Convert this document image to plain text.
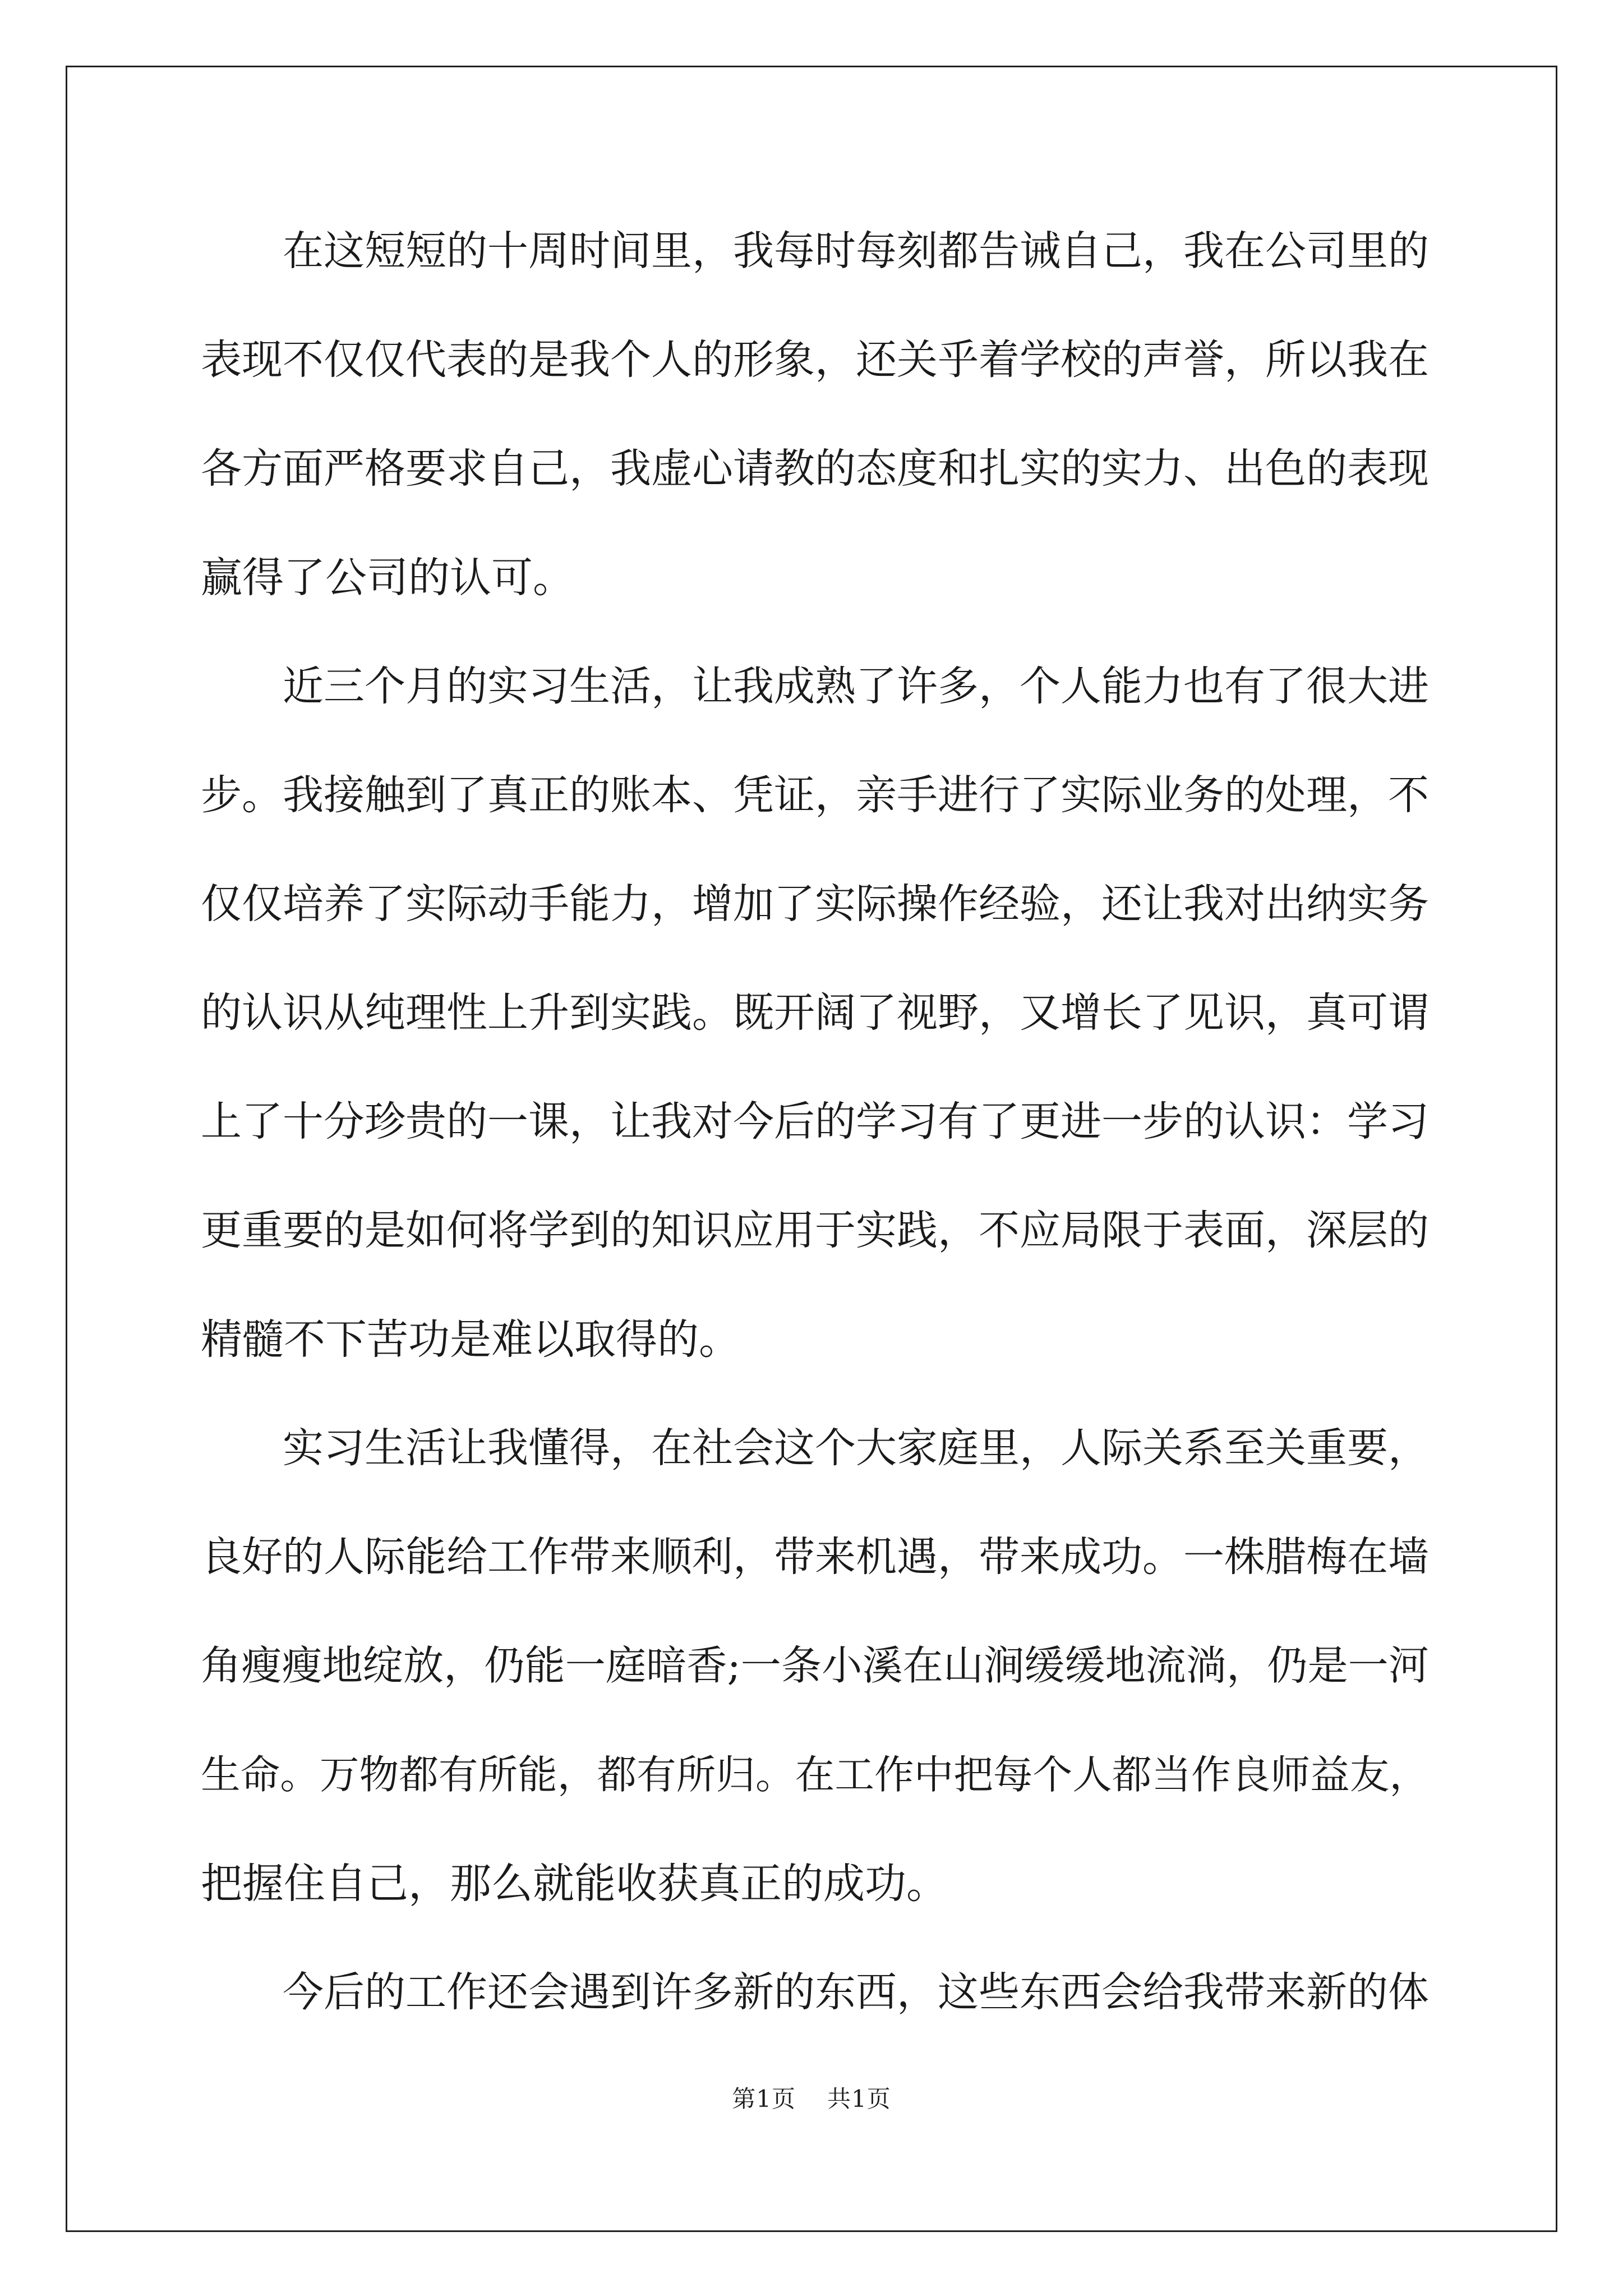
　　在这短短的十周时间里，我每时每刻都告诫自己，我在公司里的
表现不仅仅代表的是我个人的形象，还关乎着学校的声誉，所以我在
各方面严格要求自己，我虚心请教的态度和扎实的实力、出色的表现
赢得了公司的认可。
　　近三个月的实习生活，让我成熟了许多，个人能力也有了很大进
步。我接触到了真正的账本、凭证，亲手进行了实际业务的处理，不
仅仅培养了实际动手能力，增加了实际操作经验，还让我对出纳实务
的认识从纯理性上升到实践。既开阔了视野，又增长了见识，真可谓
上了十分珍贵的一课，让我对今后的学习有了更进一步的认识：学习
更重要的是如何将学到的知识应用于实践，不应局限于表面，深层的
精髓不下苦功是难以取得的。
　　实习生活让我懂得，在社会这个大家庭里，人际关系至关重要，
良好的人际能给工作带来顺利，带来机遇，带来成功。一株腊梅在墙
角瘦瘦地绽放，仍能一庭暗香;一条小溪在山涧缓缓地流淌，仍是一河
生命。万物都有所能，都有所归。在工作中把每个人都当作良师益友，
把握住自己，那么就能收获真正的成功。
　　今后的工作还会遇到许多新的东西，这些东西会给我带来新的体
第1页 共1页
